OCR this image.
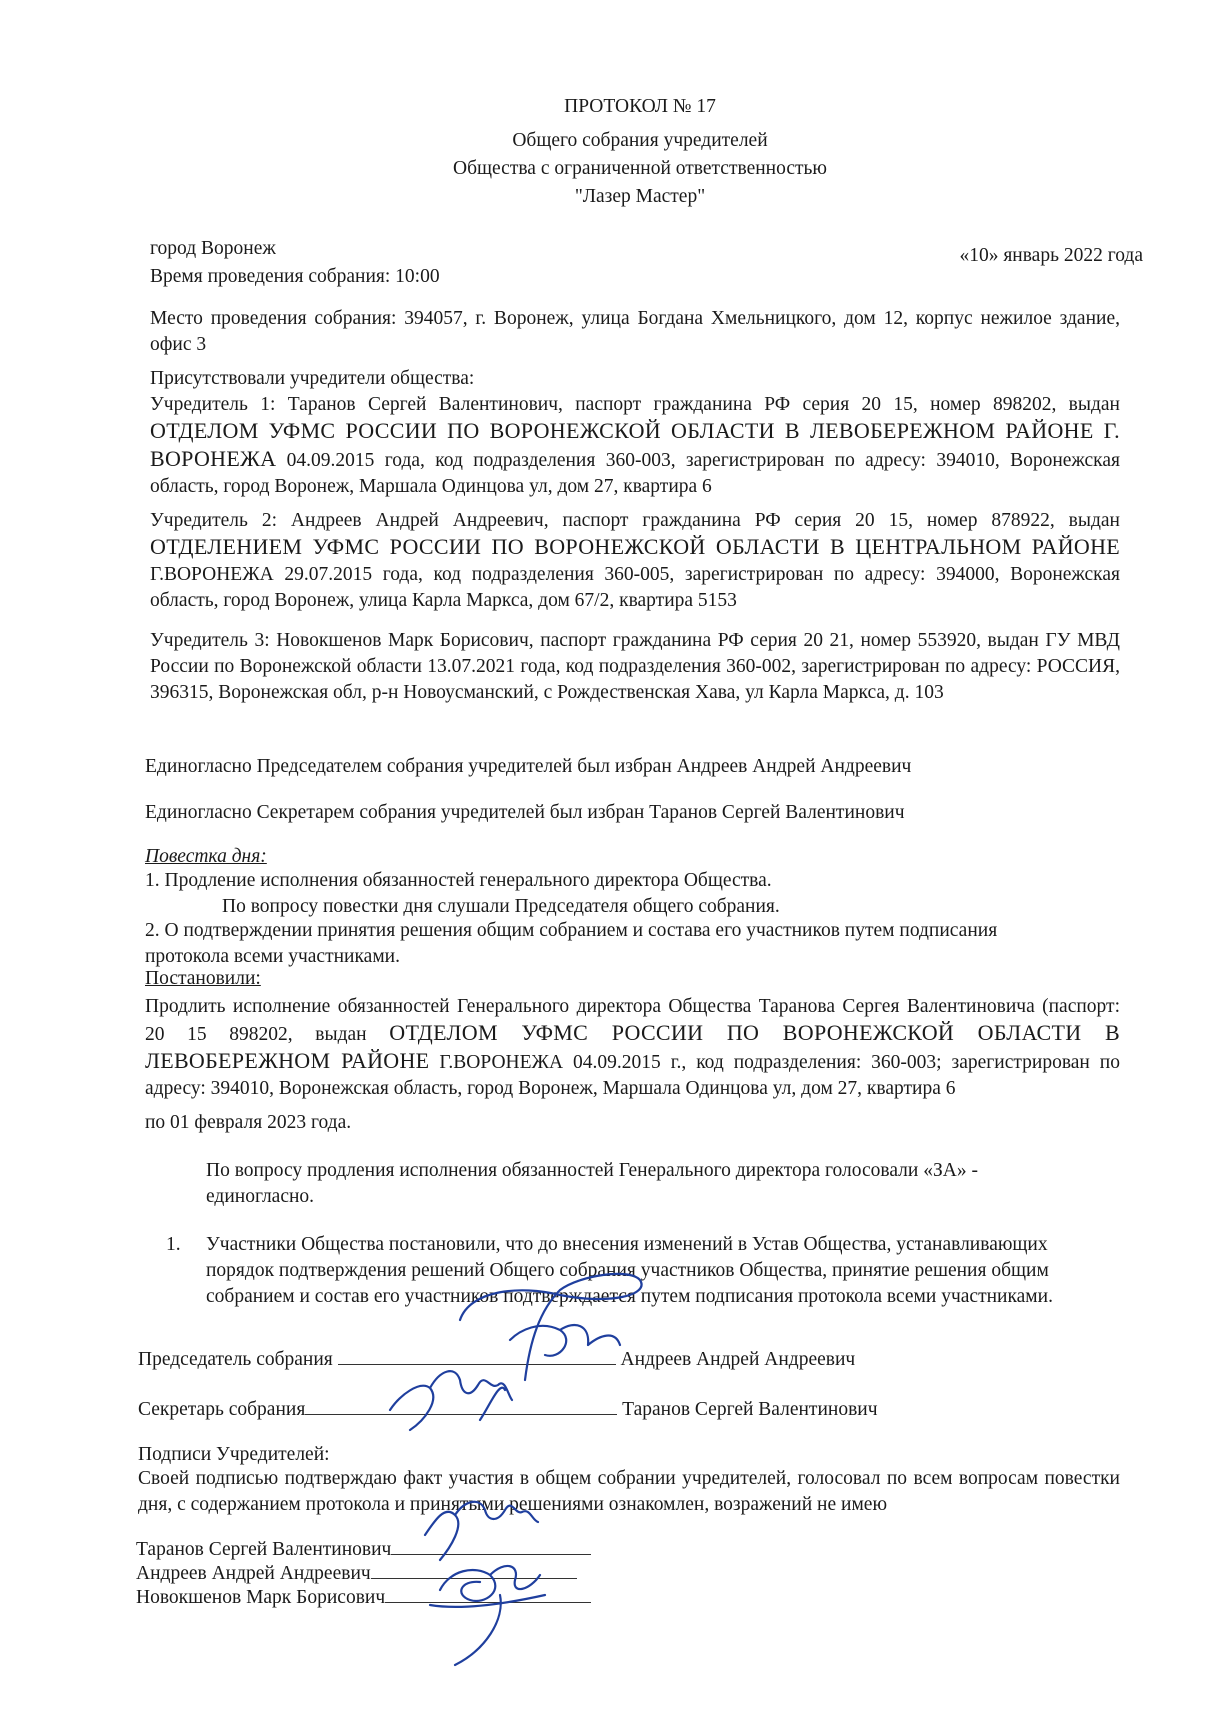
ПРОТОКОЛ № 17
Общего собрания учредителей
Общества с ограниченной ответственностью
"Лазер Мастер"
город Воронеж	«10» январь 2022 года
Время проведения собрания: 10:00
Место проведения собрания: 394057, г. Воронеж, улица Богдана Хмельницкого, дом 12, корпус нежилое здание, офис 3
Присутствовали учредители общества:
Учредитель 1: Таранов Сергей Валентинович, паспорт гражданина РФ серия 20 15, номер 898202, выдан ОТДЕЛОМ УФМС РОССИИ ПО ВОРОНЕЖСКОЙ ОБЛАСТИ В ЛЕВОБЕРЕЖНОМ РАЙОНЕ Г. ВОРОНЕЖА 04.09.2015 года, код подразделения 360-003, зарегистрирован по адресу: 394010, Воронежская область, город Воронеж, Маршала Одинцова ул, дом 27, квартира 6
Учредитель 2: Андреев Андрей Андреевич, паспорт гражданина РФ серия 20 15, номер 878922, выдан ОТДЕЛЕНИЕМ УФМС РОССИИ ПО ВОРОНЕЖСКОЙ ОБЛАСТИ В ЦЕНТРАЛЬНОМ РАЙОНЕ Г.ВОРОНЕЖА 29.07.2015 года, код подразделения 360-005, зарегистрирован по адресу: 394000, Воронежская область, город Воронеж, улица Карла Маркса, дом 67/2, квартира 5153
Учредитель 3: Новокшенов Марк Борисович, паспорт гражданина РФ серия 20 21, номер 553920, выдан ГУ МВД России по Воронежской области 13.07.2021 года, код подразделения 360-002, зарегистрирован по адресу: РОССИЯ, 396315, Воронежская обл, р-н Новоусманский, с Рождественская Хава, ул Карла Маркса, д. 103
Единогласно Председателем собрания учредителей был избран Андреев Андрей Андреевич
Единогласно Секретарем собрания учредителей был избран Таранов Сергей Валентинович
Повестка дня:
1. Продление исполнения обязанностей генерального директора Общества.
По вопросу повестки дня слушали Председателя общего собрания.
2. О подтверждении принятия решения общим собранием и состава его участников путем подписания протокола всеми участниками.
Постановили:
Продлить исполнение обязанностей Генерального директора Общества Таранова Сергея Валентиновича (паспорт: 20 15 898202, выдан ОТДЕЛОМ УФМС РОССИИ ПО ВОРОНЕЖСКОЙ ОБЛАСТИ В ЛЕВОБЕРЕЖНОМ РАЙОНЕ Г.ВОРОНЕЖА 04.09.2015 г., код подразделения: 360-003; зарегистрирован по адресу: 394010, Воронежская область, город Воронеж, Маршала Одинцова ул, дом 27, квартира 6
по 01 февраля 2023 года.
По вопросу продления исполнения обязанностей Генерального директора голосовали «ЗА» - единогласно.
1. Участники Общества постановили, что до внесения изменений в Устав Общества, устанавливающих порядок подтверждения решений Общего собрания участников Общества, принятие решения общим собранием и состав его участников подтверждается путем подписания протокола всеми участниками.
Председатель собрания	Андреев Андрей Андреевич
Секретарь собрания	Таранов Сергей Валентинович
Подписи Учредителей:
Своей подписью подтверждаю факт участия в общем собрании учредителей, голосовал по всем вопросам повестки дня, с содержанием протокола и принятыми решениями ознакомлен, возражений не имею
Таранов Сергей Валентинович
Андреев Андрей Андреевич
Новокшенов Марк Борисович
